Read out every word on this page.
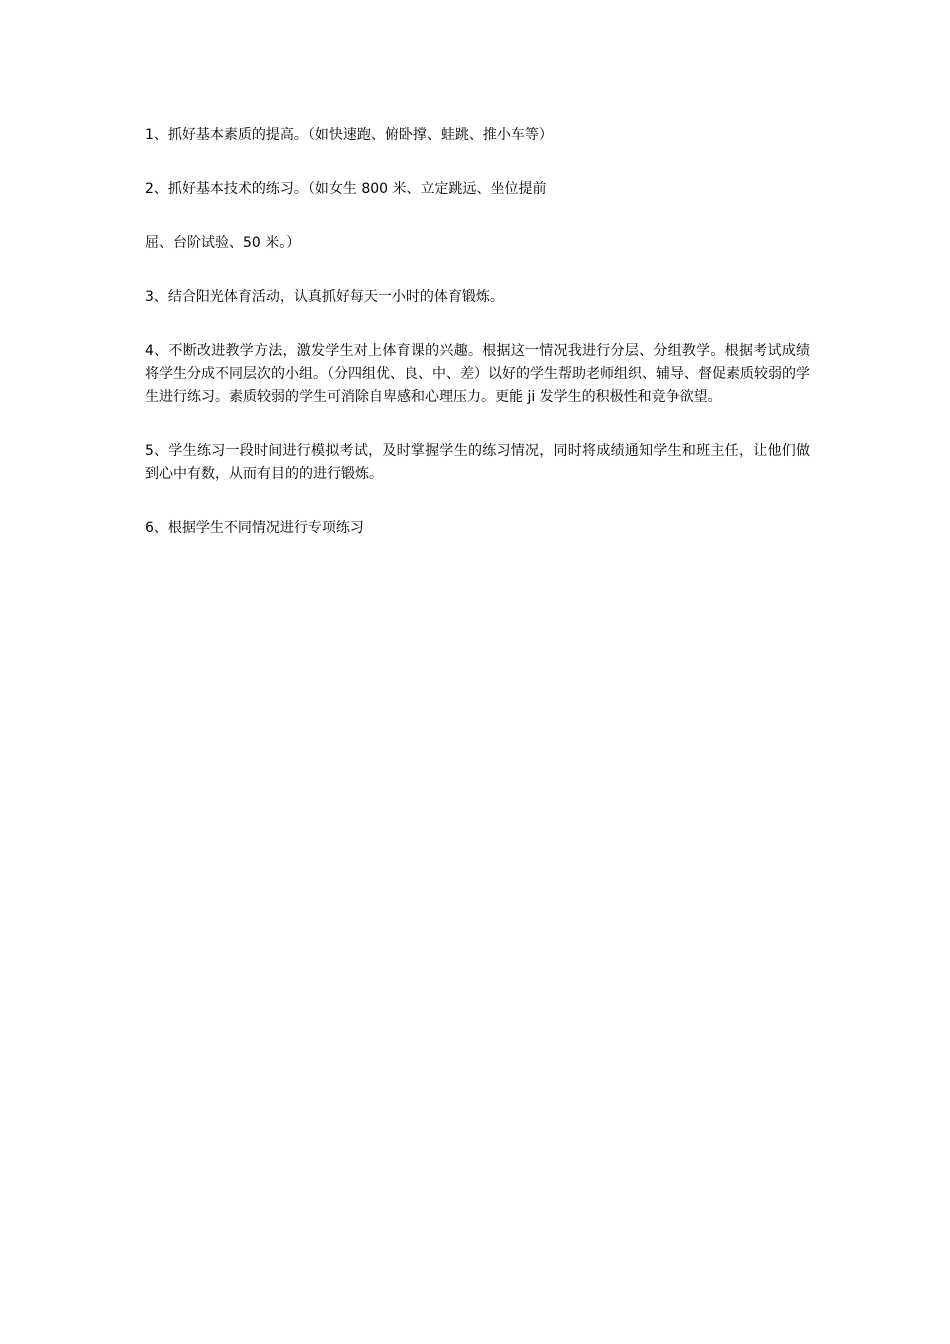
1、抓好基本素质的提高。（如快速跑、俯卧撑、蛙跳、推小车等）

2、抓好基本技术的练习。（如女生 800 米、立定跳远、坐位提前

屈、台阶试验、50 米。）

3、结合阳光体育活动，认真抓好每天一小时的体育锻炼。

4、不断改进教学方法，激发学生对上体育课的兴趣。根据这一情况我进行分层、分组教学。根据考试成绩将学生分成不同层次的小组。（分四组优、良、中、差）以好的学生帮助老师组织、辅导、督促素质较弱的学生进行练习。素质较弱的学生可消除自卑感和心理压力。更能 ji 发学生的积极性和竞争欲望。

5、学生练习一段时间进行模拟考试，及时掌握学生的练习情况，同时将成绩通知学生和班主任，让他们做到心中有数，从而有目的的进行锻炼。

6、根据学生不同情况进行专项练习
